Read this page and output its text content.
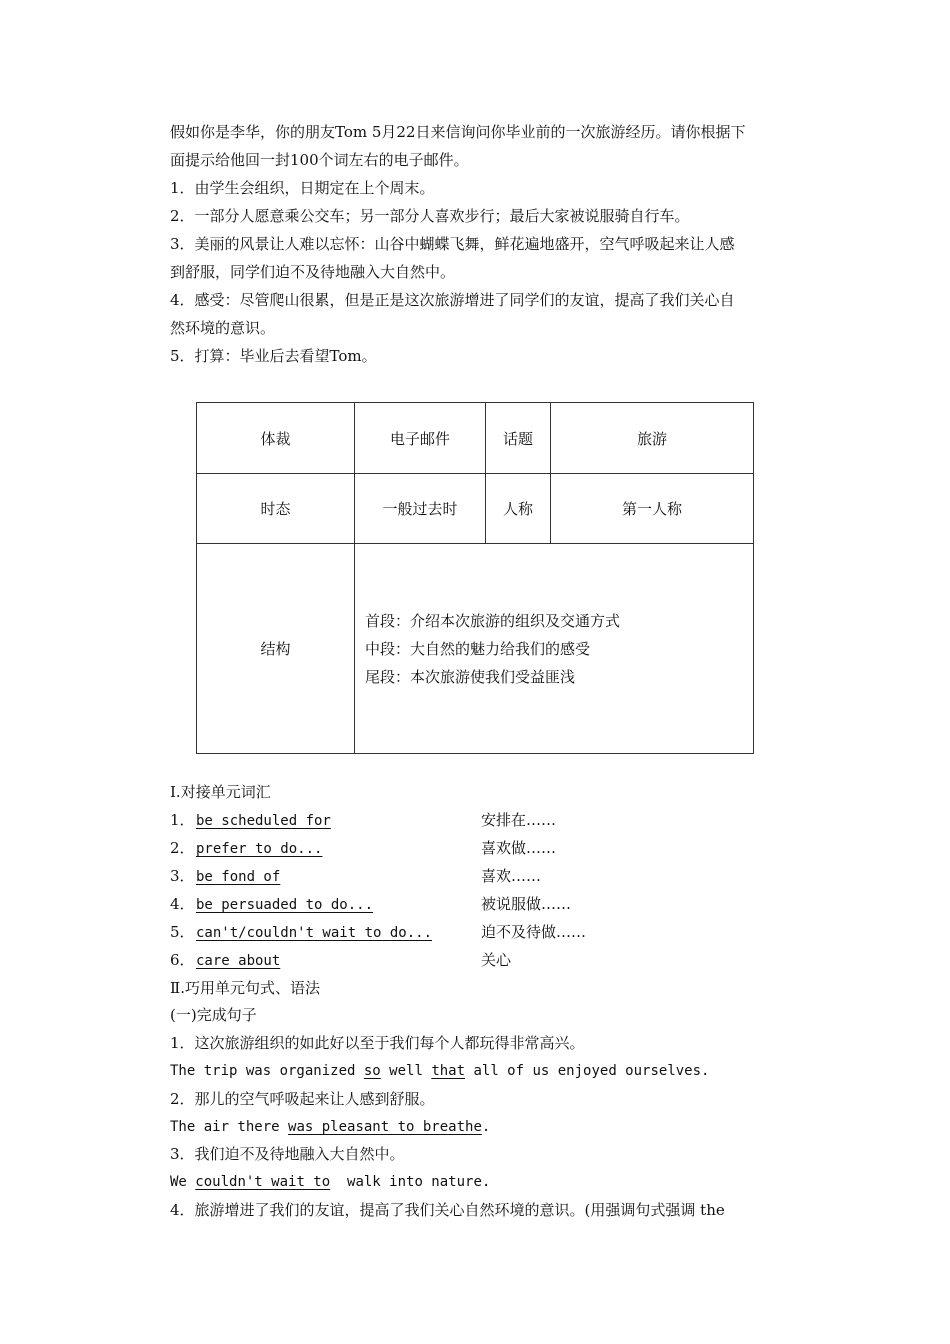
假如你是李华，你的朋友Tom 5月22日来信询问你毕业前的一次旅游经历。请你根据下
面提示给他回一封100个词左右的电子邮件。
1．由学生会组织，日期定在上个周末。
2．一部分人愿意乘公交车；另一部分人喜欢步行；最后大家被说服骑自行车。
3．美丽的风景让人难以忘怀：山谷中蝴蝶飞舞，鲜花遍地盛开，空气呼吸起来让人感
到舒服，同学们迫不及待地融入大自然中。
4．感受：尽管爬山很累，但是正是这次旅游增进了同学们的友谊，提高了我们关心自
然环境的意识。
5．打算：毕业后去看望Tom。
体裁	电子邮件	话题	旅游
时态	一般过去时	人称	第一人称
结构	首段：介绍本次旅游的组织及交通方式
中段：大自然的魅力给我们的感受
尾段：本次旅游使我们受益匪浅		
Ⅰ.对接单元词汇
1．be scheduled for	安排在……
2．prefer to do...	喜欢做……
3．be fond of	喜欢……
4．be persuaded to do...	被说服做……
5．can't/couldn't wait to do...	迫不及待做……
6．care about	关心
Ⅱ.巧用单元句式、语法
(一)完成句子
1．这次旅游组织的如此好以至于我们每个人都玩得非常高兴。
The trip was organized so well that all of us enjoyed ourselves.
2．那儿的空气呼吸起来让人感到舒服。
The air there was pleasant to breathe.
3．我们迫不及待地融入大自然中。
We couldn't wait to  walk into nature.
4．旅游增进了我们的友谊，提高了我们关心自然环境的意识。(用强调句式强调 the
